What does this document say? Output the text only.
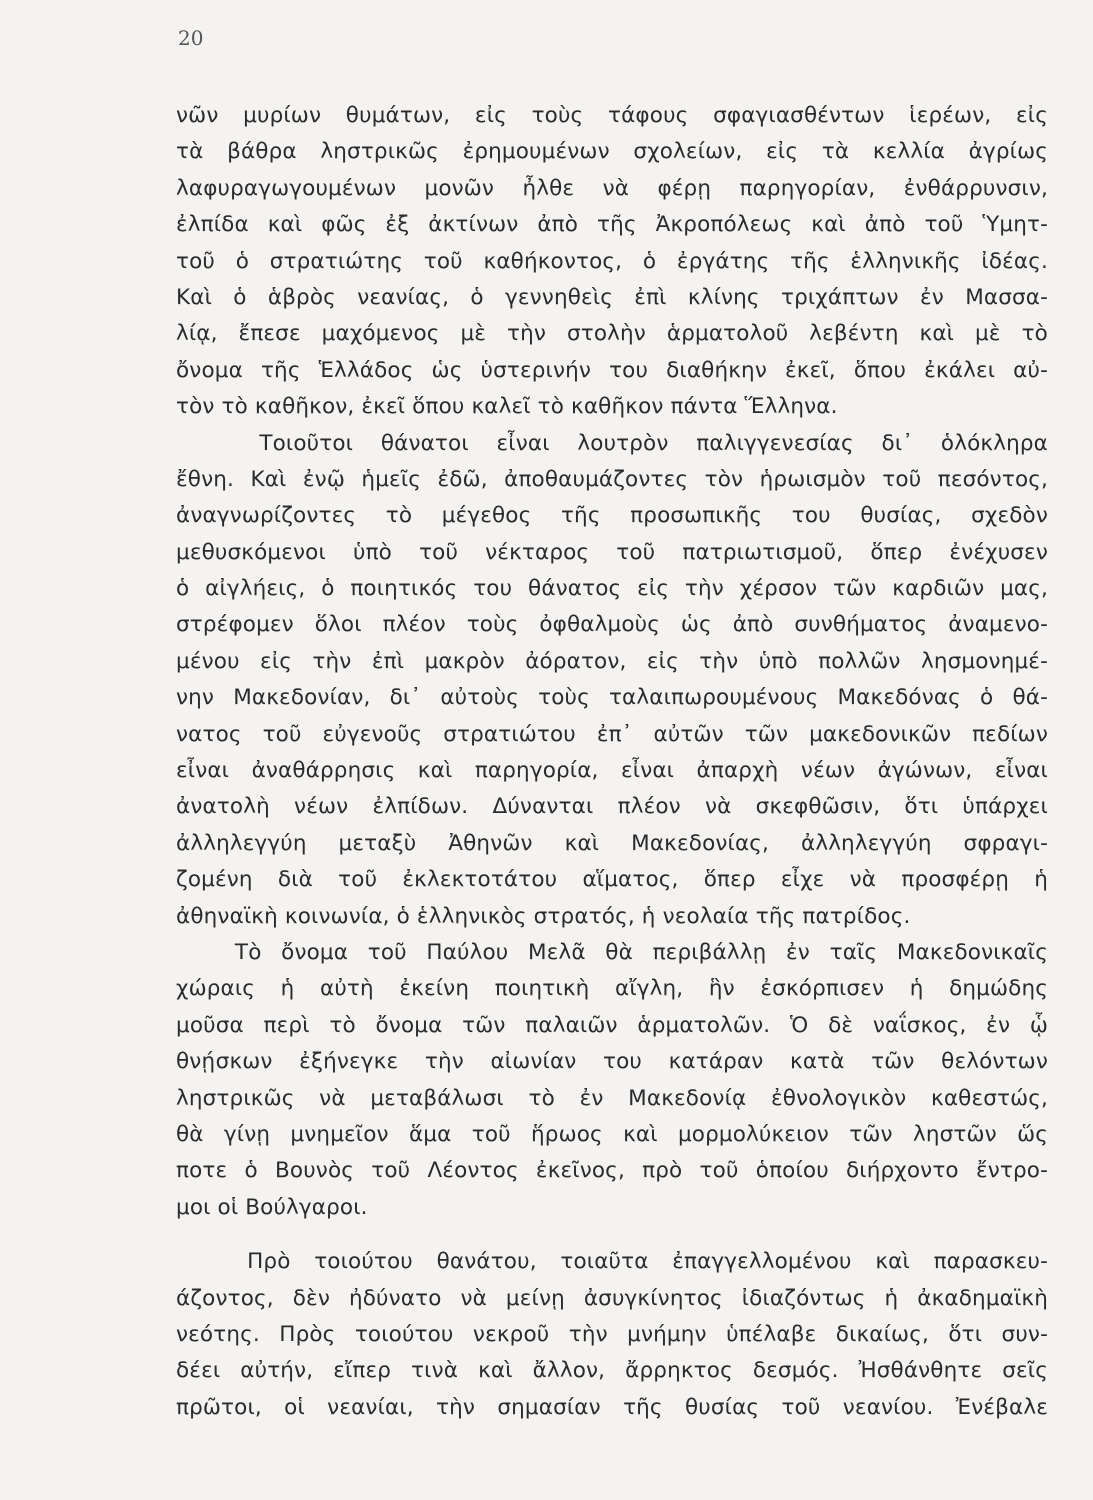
20
νῶν μυρίων θυμάτων, εἰς τοὺς τάφους σφαγιασθέντων ἱερέων, εἰς
τὰ βάθρα ληστρικῶς ἐρημουμένων σχολείων, εἰς τὰ κελλία ἀγρίως
λαφυραγωγουμένων μονῶν ἦλθε νὰ φέρῃ παρηγορίαν, ἐνθάρρυνσιν,
ἐλπίδα καὶ φῶς ἐξ ἀκτίνων ἀπὸ τῆς Ἀκροπόλεως καὶ ἀπὸ τοῦ Ὑμητ-
τοῦ ὁ στρατιώτης τοῦ καθήκοντος, ὁ ἐργάτης τῆς ἑλληνικῆς ἰδέας.
Καὶ ὁ ἁβρὸς νεανίας, ὁ γεννηθεὶς ἐπὶ κλίνης τριχάπτων ἐν Μασσα-
λίᾳ, ἔπεσε μαχόμενος μὲ τὴν στολὴν ἁρματολοῦ λεβέντη καὶ μὲ τὸ
ὄνομα τῆς Ἑλλάδος ὡς ὑστερινήν του διαθήκην ἐκεῖ, ὅπου ἐκάλει αὐ-
τὸν τὸ καθῆκον, ἐκεῖ ὅπου καλεῖ τὸ καθῆκον πάντα Ἕλληνα.
Τοιοῦτοι θάνατοι εἶναι λουτρὸν παλιγγενεσίας δι᾿ ὁλόκληρα
ἔθνη. Καὶ ἐνῷ ἡμεῖς ἐδῶ, ἀποθαυμάζοντες τὸν ἡρωισμὸν τοῦ πεσόντος,
ἀναγνωρίζοντες τὸ μέγεθος τῆς προσωπικῆς του θυσίας, σχεδὸν
μεθυσκόμενοι ὑπὸ τοῦ νέκταρος τοῦ πατριωτισμοῦ, ὅπερ ἐνέχυσεν
ὁ αἰγλήεις, ὁ ποιητικός του θάνατος εἰς τὴν χέρσον τῶν καρδιῶν μας,
στρέφομεν ὅλοι πλέον τοὺς ὀφθαλμοὺς ὡς ἀπὸ συνθήματος ἀναμενο-
μένου εἰς τὴν ἐπὶ μακρὸν ἀόρατον, εἰς τὴν ὑπὸ πολλῶν λησμονημέ-
νην Μακεδονίαν, δι᾿ αὐτοὺς τοὺς ταλαιπωρουμένους Μακεδόνας ὁ θά-
νατος τοῦ εὐγενοῦς στρατιώτου ἐπ᾿ αὐτῶν τῶν μακεδονικῶν πεδίων
εἶναι ἀναθάρρησις καὶ παρηγορία, εἶναι ἀπαρχὴ νέων ἀγώνων, εἶναι
ἀνατολὴ νέων ἐλπίδων. Δύνανται πλέον νὰ σκεφθῶσιν, ὅτι ὑπάρχει
ἀλληλεγγύη μεταξὺ Ἀθηνῶν καὶ Μακεδονίας, ἀλληλεγγύη σφραγι-
ζομένη διὰ τοῦ ἐκλεκτοτάτου αἵματος, ὅπερ εἶχε νὰ προσφέρῃ ἡ
ἀθηναϊκὴ κοινωνία, ὁ ἑλληνικὸς στρατός, ἡ νεολαία τῆς πατρίδος.
Τὸ ὄνομα τοῦ Παύλου Μελᾶ θὰ περιβάλλῃ ἐν ταῖς Μακεδονικαῖς
χώραις ἡ αὐτὴ ἐκείνη ποιητικὴ αἴγλη, ἣν ἐσκόρπισεν ἡ δημώδης
μοῦσα περὶ τὸ ὄνομα τῶν παλαιῶν ἁρματολῶν. Ὁ δὲ ναΐσκος, ἐν ᾧ
θνῄσκων ἐξήνεγκε τὴν αἰωνίαν του κατάραν κατὰ τῶν θελόντων
ληστρικῶς νὰ μεταβάλωσι τὸ ἐν Μακεδονίᾳ ἐθνολογικὸν καθεστώς,
θὰ γίνῃ μνημεῖον ἅμα τοῦ ἥρωος καὶ μορμολύκειον τῶν ληστῶν ὥς
ποτε ὁ Βουνὸς τοῦ Λέοντος ἐκεῖνος, πρὸ τοῦ ὁποίου διήρχοντο ἔντρο-
μοι οἱ Βούλγαροι.
Πρὸ τοιούτου θανάτου, τοιαῦτα ἐπαγγελλομένου καὶ παρασκευ-
άζοντος, δὲν ἠδύνατο νὰ μείνῃ ἀσυγκίνητος ἰδιαζόντως ἡ ἀκαδημαϊκὴ
νεότης. Πρὸς τοιούτου νεκροῦ τὴν μνήμην ὑπέλαβε δικαίως, ὅτι συν-
δέει αὐτήν, εἴπερ τινὰ καὶ ἄλλον, ἄρρηκτος δεσμός. Ἠσθάνθητε σεῖς
πρῶτοι, οἱ νεανίαι, τὴν σημασίαν τῆς θυσίας τοῦ νεανίου. Ἐνέβαλε
